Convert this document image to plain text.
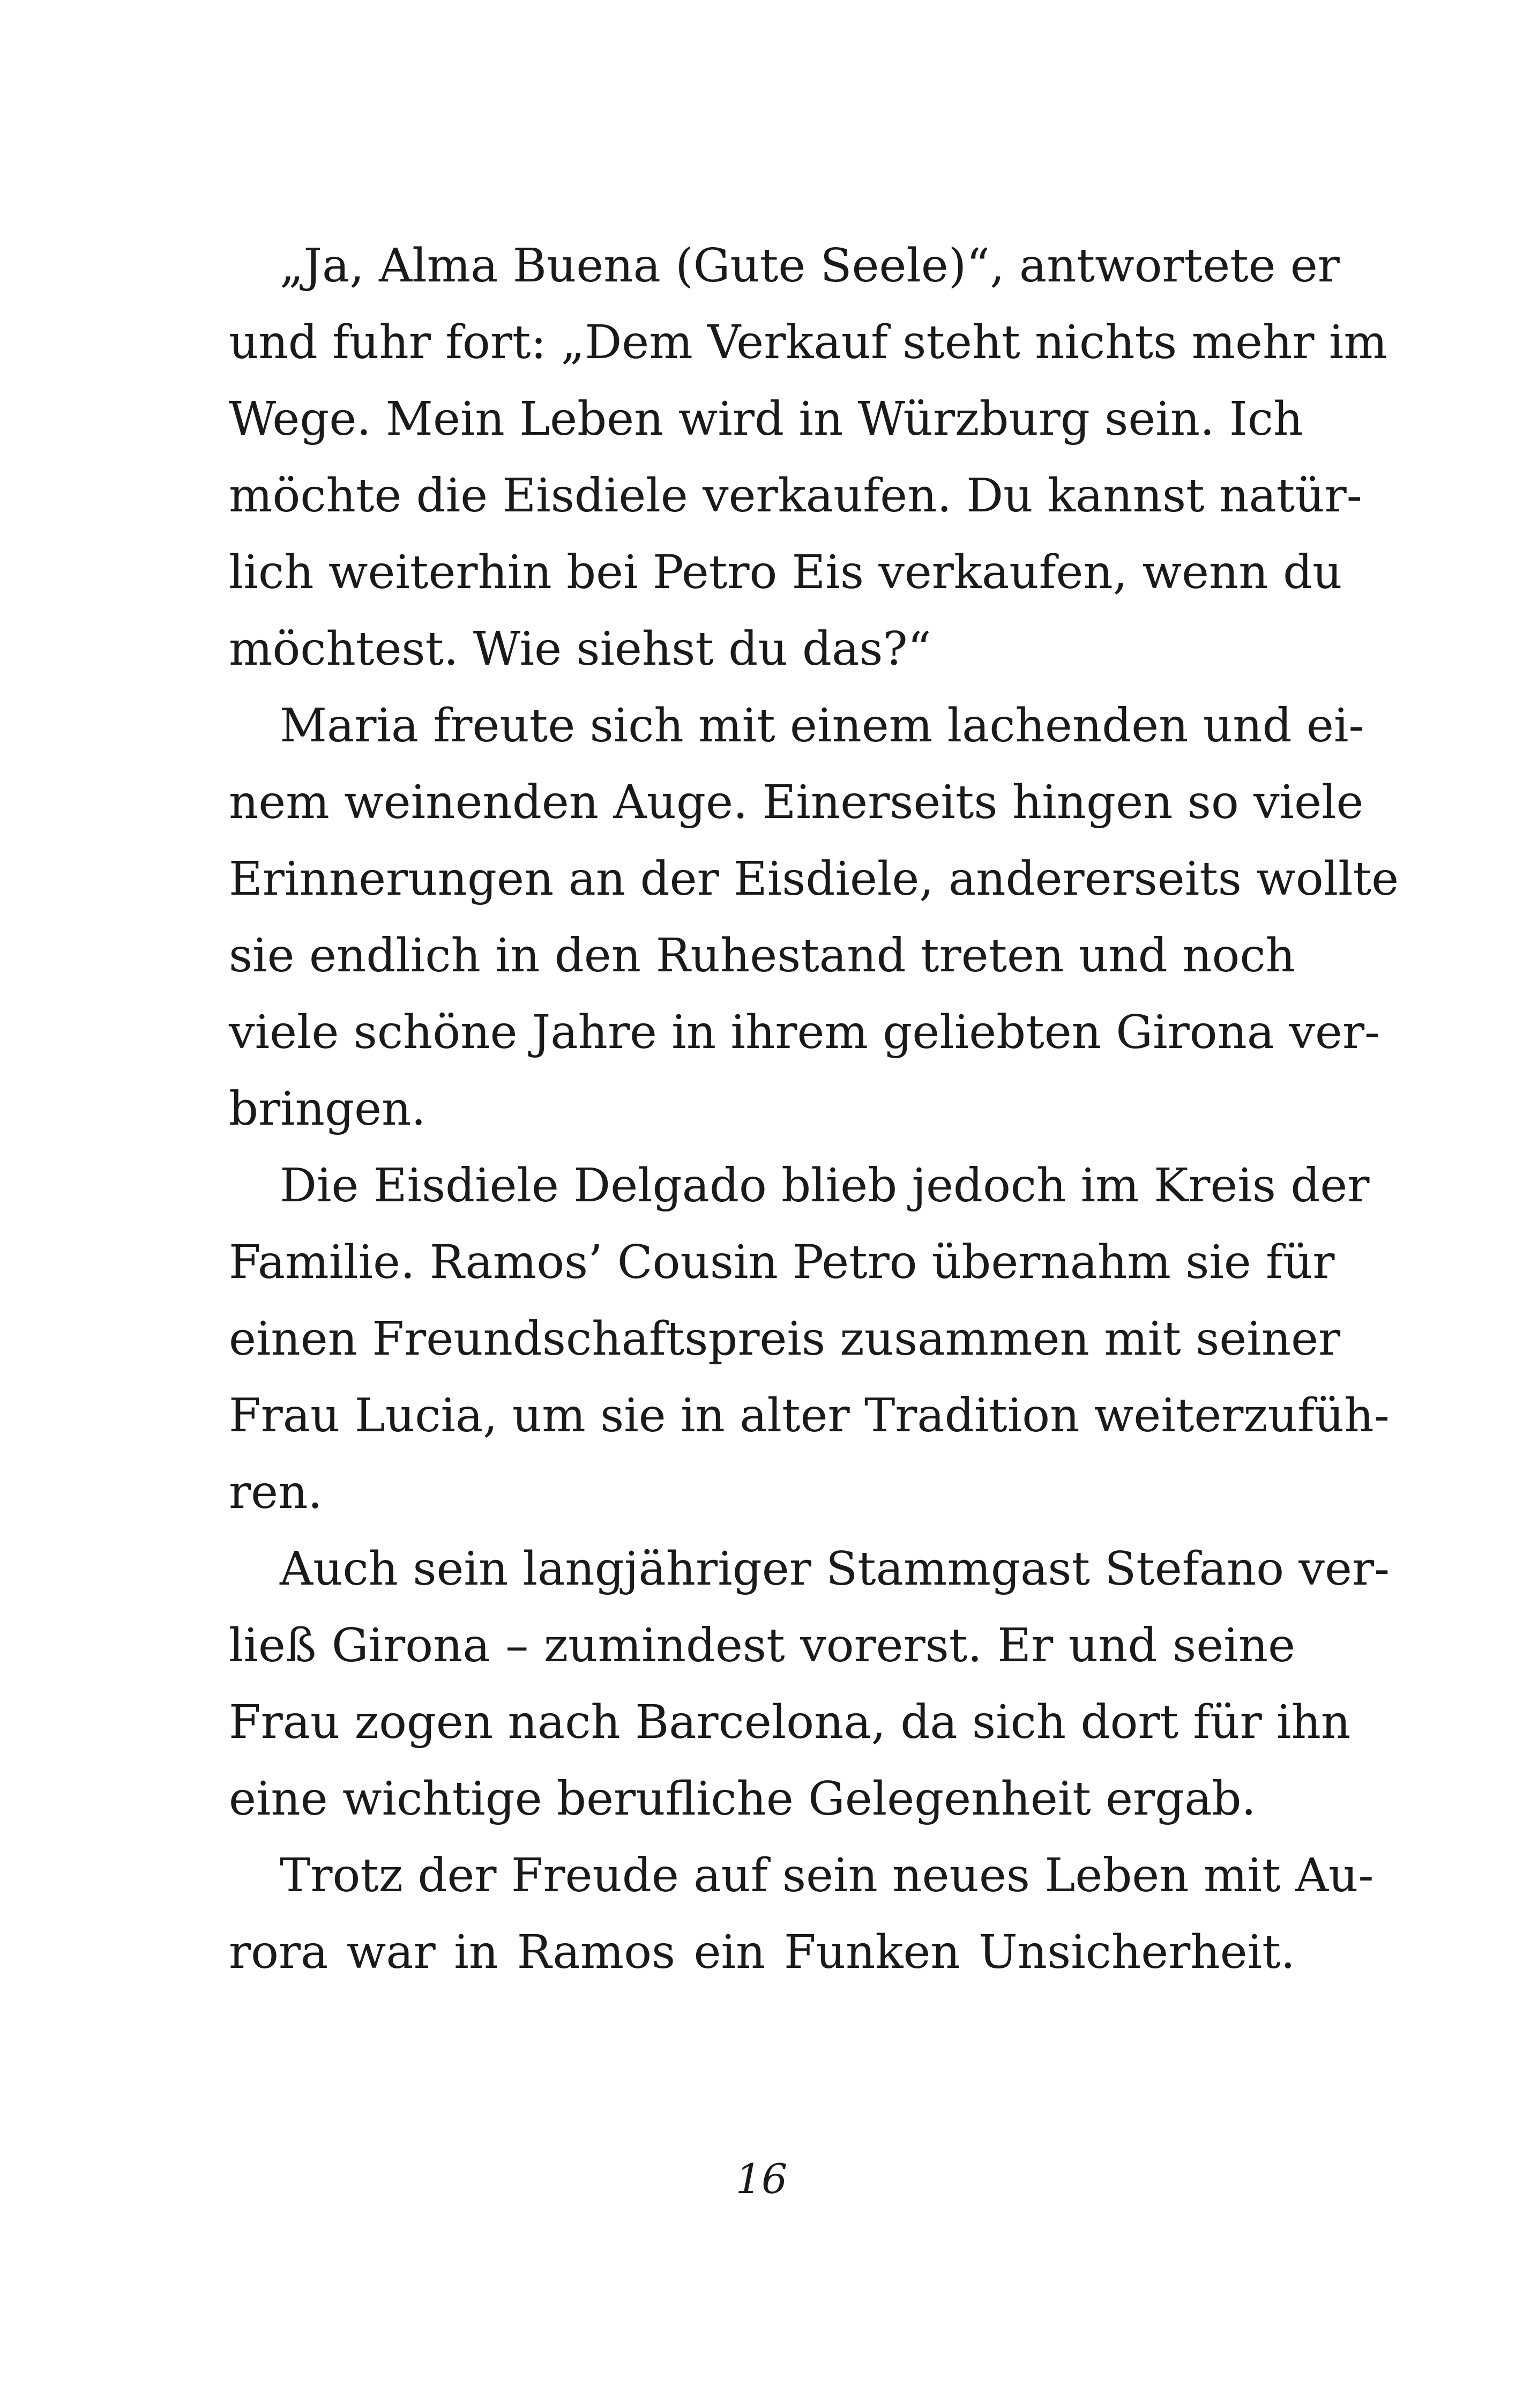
„Ja, Alma Buena (Gute Seele)“, antwortete er
und fuhr fort: „Dem Verkauf steht nichts mehr im
Wege. Mein Leben wird in Würzburg sein. Ich
möchte die Eisdiele verkaufen. Du kannst natür-
lich weiterhin bei Petro Eis verkaufen, wenn du
möchtest. Wie siehst du das?“
Maria freute sich mit einem lachenden und ei-
nem weinenden Auge. Einerseits hingen so viele
Erinnerungen an der Eisdiele, andererseits wollte
sie endlich in den Ruhestand treten und noch
viele schöne Jahre in ihrem geliebten Girona ver-
bringen.
Die Eisdiele Delgado blieb jedoch im Kreis der
Familie. Ramos’ Cousin Petro übernahm sie für
einen Freundschaftspreis zusammen mit seiner
Frau Lucia, um sie in alter Tradition weiterzufüh-
ren.
Auch sein langjähriger Stammgast Stefano ver-
ließ Girona – zumindest vorerst. Er und seine
Frau zogen nach Barcelona, da sich dort für ihn
eine wichtige berufliche Gelegenheit ergab.
Trotz der Freude auf sein neues Leben mit Au-
rora war in Ramos ein Funken Unsicherheit.
16
